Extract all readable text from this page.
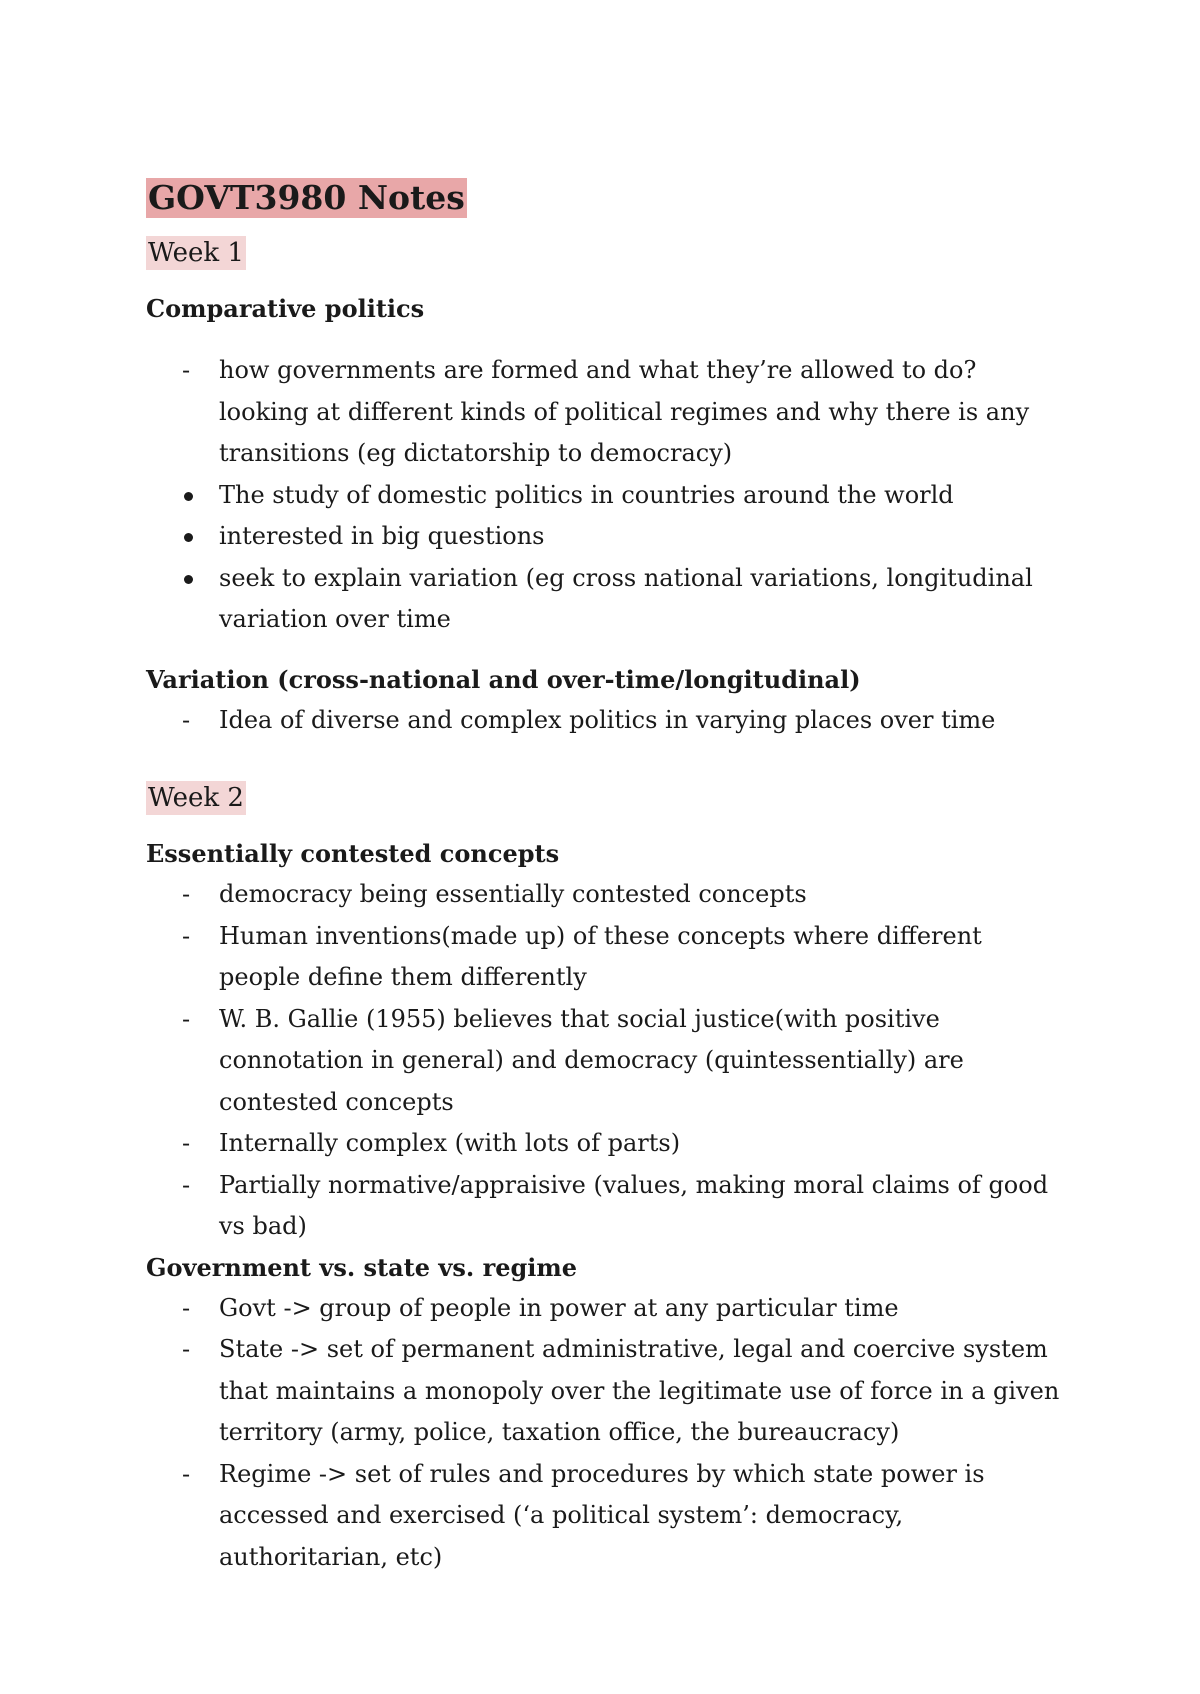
GOVT3980 Notes
Week 1
Comparative politics
-	how governments are formed and what they’re allowed to do? looking at different kinds of political regimes and why there is any transitions (eg dictatorship to democracy)
The study of domestic politics in countries around the world
interested in big questions
seek to explain variation (eg cross national variations, longitudinal variation over time
Variation (cross-national and over-time/longitudinal)
-	Idea of diverse and complex politics in varying places over time
Week 2
Essentially contested concepts
-	democracy being essentially contested concepts
-	Human inventions(made up) of these concepts where different people define them differently
-	W. B. Gallie (1955) believes that social justice(with positive connotation in general) and democracy (quintessentially) are contested concepts
-	Internally complex (with lots of parts)
-	Partially normative/appraisive (values, making moral claims of good vs bad)
Government vs. state vs. regime
-	Govt -> group of people in power at any particular time
-	State -> set of permanent administrative, legal and coercive system that maintains a monopoly over the legitimate use of force in a given territory (army, police, taxation office, the bureaucracy)
-	Regime -> set of rules and procedures by which state power is accessed and exercised (‘a political system’: democracy, authoritarian, etc)
